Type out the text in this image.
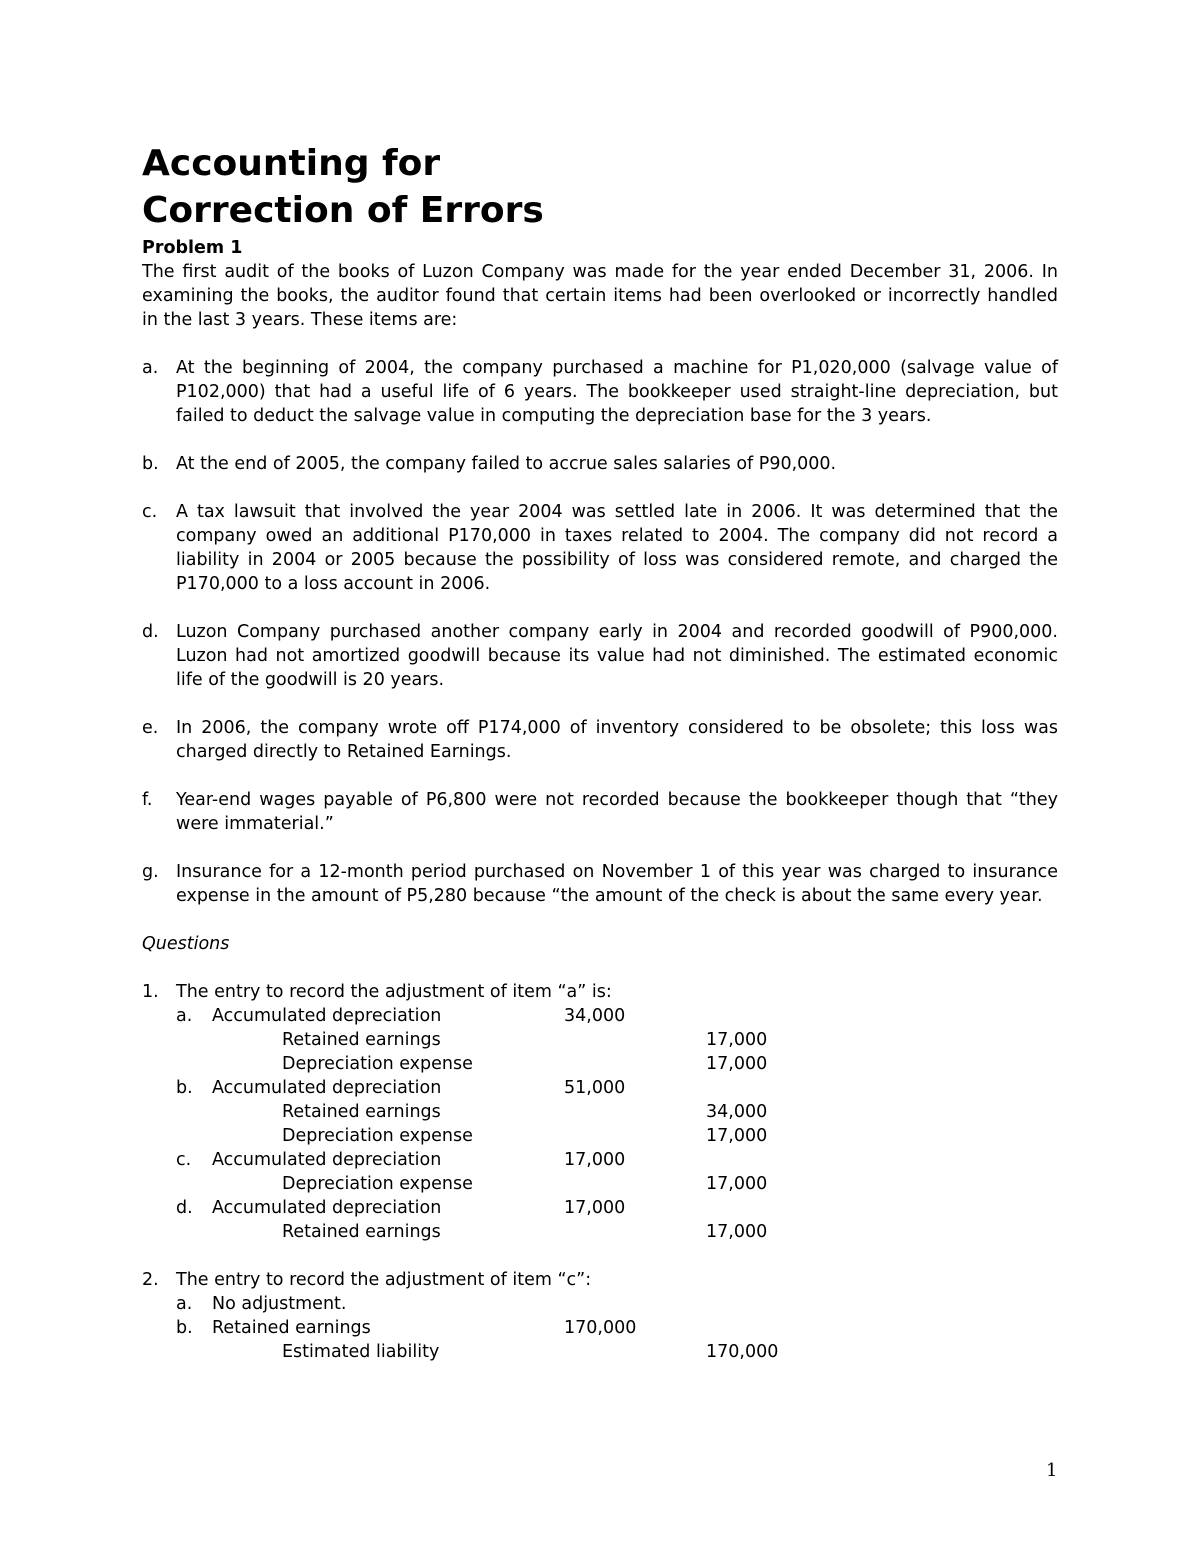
Accounting for
Correction of Errors
Problem 1

The first audit of the books of Luzon Company was made for the year ended December 31, 2006. In examining the books, the auditor found that certain items had been overlooked or incorrectly handled in the last 3 years. These items are:

a.	At the beginning of 2004, the company purchased a machine for P1,020,000 (salvage value of P102,000) that had a useful life of 6 years. The bookkeeper used straight-line depreciation, but failed to deduct the salvage value in computing the depreciation base for the 3 years.
b. At the end of 2005, the company failed to accrue sales salaries of P90,000.
c.	A tax lawsuit that involved the year 2004 was settled late in 2006. It was determined that the company owed an additional P170,000 in taxes related to 2004. The company did not record a liability in 2004 or 2005 because the possibility of loss was considered remote, and charged the P170,000 to a loss account in 2006.
d. Luzon Company purchased another company early in 2004 and recorded goodwill of P900,000. Luzon had not amortized goodwill because its value had not diminished. The estimated economic life of the goodwill is 20 years.
e.	In 2006, the company wrote off P174,000 of inventory considered to be obsolete; this loss was charged directly to Retained Earnings.
f.	Year-end wages payable of P6,800 were not recorded because the bookkeeper though that “they were immaterial.”
g. Insurance for a 12-month period purchased on November 1 of this year was charged to insurance expense in the amount of P5,280 because “the amount of the check is about the same every year.
Questions
1. The entry to record the adjustment of item “a” is:
a. Accumulated depreciation	34,000
Retained earnings	17,000
Depreciation expense	17,000
b. Accumulated depreciation	51,000
Retained earnings	34,000
Depreciation expense	17,000
c. Accumulated depreciation	17,000
Depreciation expense	17,000
d. Accumulated depreciation	17,000
Retained earnings	17,000
2. The entry to record the adjustment of item “c”:
a. No adjustment.
b. Retained earnings	170,000
Estimated liability	170,000
1
